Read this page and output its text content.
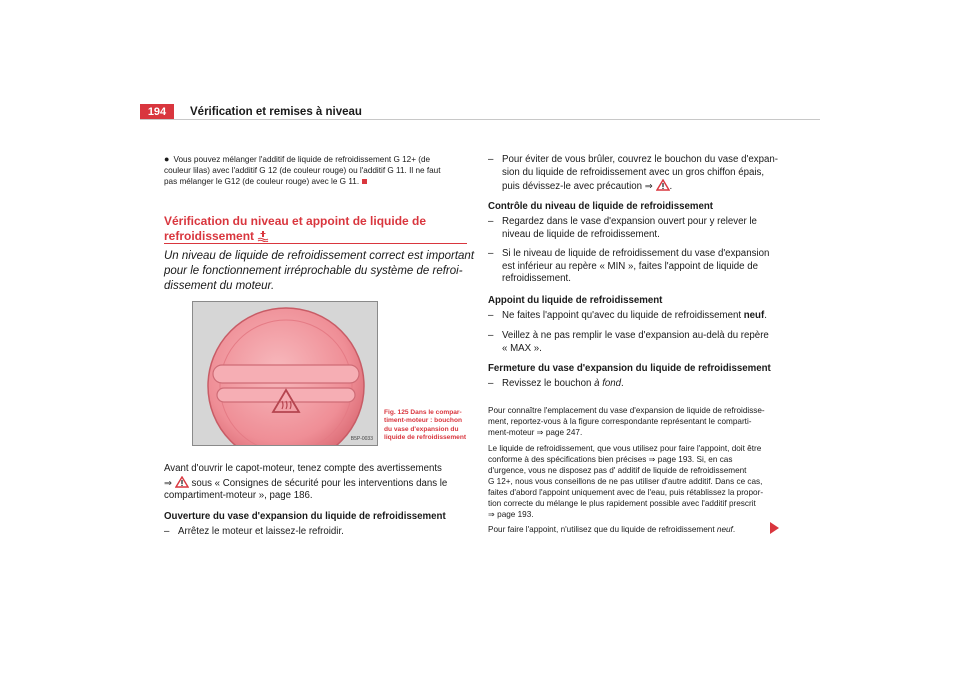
194	Vérification et remises à niveau
● Vous pouvez mélanger l'additif de liquide de refroidissement G 12+ (de
couleur lilas) avec l'additif G 12 (de couleur rouge) ou l'additif G 11. Il ne faut
pas mélanger le G12 (de couleur rouge) avec le G 11.
Vérification du niveau et appoint de liquide de
refroidissement
Un niveau de liquide de refroidissement correct est important
pour le fonctionnement irréprochable du système de refroi-
dissement du moteur.
B5P-0033
Fig. 125 Dans le compar-
timent-moteur : bouchon
du vase d'expansion du
liquide de refroidissement
Avant d'ouvrir le capot-moteur, tenez compte des avertissements
⇒ sous « Consignes de sécurité pour les interventions dans le
compartiment-moteur », page 186.
Ouverture du vase d'expansion du liquide de refroidissement
– Arrêtez le moteur et laissez-le refroidir.
– Pour éviter de vous brûler, couvrez le bouchon du vase d'expan-
sion du liquide de refroidissement avec un gros chiffon épais,
puis dévissez-le avec précaution ⇒ .
Contrôle du niveau de liquide de refroidissement
– Regardez dans le vase d'expansion ouvert pour y relever le
niveau de liquide de refroidissement.
– Si le niveau de liquide de refroidissement du vase d'expansion
est inférieur au repère « MIN », faites l'appoint de liquide de
refroidissement.
Appoint du liquide de refroidissement
– Ne faites l'appoint qu'avec du liquide de refroidissement neuf.
– Veillez à ne pas remplir le vase d'expansion au-delà du repère
« MAX ».
Fermeture du vase d'expansion du liquide de refroidissement
– Revissez le bouchon à fond.
Pour connaître l'emplacement du vase d'expansion de liquide de refroidisse-
ment, reportez-vous à la figure correspondante représentant le comparti-
ment-moteur ⇒ page 247.
Le liquide de refroidissement, que vous utilisez pour faire l'appoint, doit être
conforme à des spécifications bien précises ⇒ page 193. Si, en cas
d'urgence, vous ne disposez pas d' additif de liquide de refroidissement
G 12+, nous vous conseillons de ne pas utiliser d'autre additif. Dans ce cas,
faites d'abord l'appoint uniquement avec de l'eau, puis rétablissez la propor-
tion correcte du mélange le plus rapidement possible avec l'additif prescrit
⇒ page 193.
Pour faire l'appoint, n'utilisez que du liquide de refroidissement neuf.
